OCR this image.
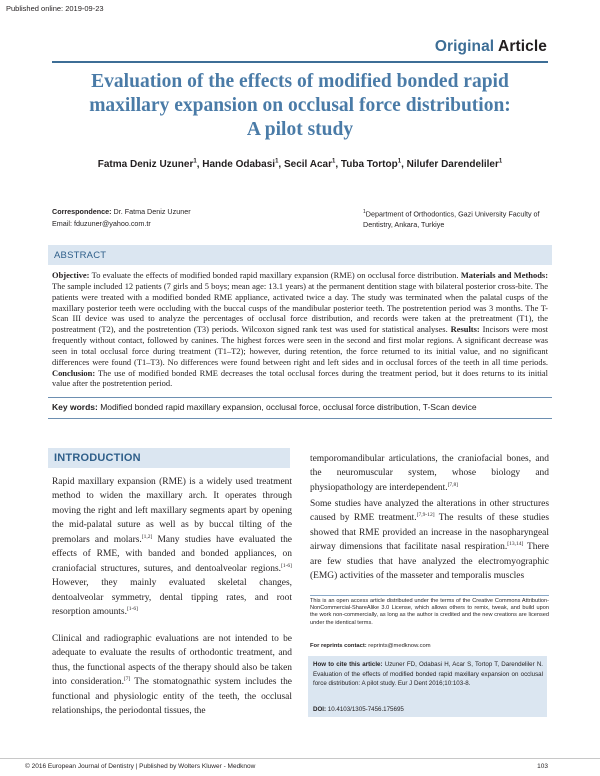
Published online: 2019-09-23
Original Article
Evaluation of the effects of modified bonded rapid
maxillary expansion on occlusal force distribution:
A pilot study
Fatma Deniz Uzuner$^1$, Hande Odabasi$^1$, Secil Acar$^1$, Tuba Tortop$^1$, Nilufer Darendeliler$^1$
Correspondence: Dr. Fatma Deniz Uzuner
Email: fduzuner@yahoo.com.tr
$^1$Department of Orthodontics, Gazi University Faculty of Dentistry, Ankara, Turkiye
ABSTRACT
Objective: To evaluate the effects of modified bonded rapid maxillary expansion (RME) on occlusal force distribution. Materials and Methods: The sample included 12 patients (7 girls and 5 boys; mean age: 13.1 years) at the permanent dentition stage with bilateral posterior cross-bite. The patients were treated with a modified bonded RME appliance, activated twice a day. The study was terminated when the palatal cusps of the maxillary posterior teeth were occluding with the buccal cusps of the mandibular posterior teeth. The postretention period was 3 months. The T-Scan III device was used to analyze the percentages of occlusal force distribution, and records were taken at the pretreatment (T1), the postreatment (T2), and the postretention (T3) periods. Wilcoxon signed rank test was used for statistical analyses. Results: Incisors were most frequently without contact, followed by canines. The highest forces were seen in the second and first molar regions. A significant decrease was seen in total occlusal force during treatment (T1–T2); however, during retention, the force returned to its initial value, and no significant differences were found (T1–T3). No differences were found between right and left sides and in occlusal forces of the teeth in all time periods. Conclusion: The use of modified bonded RME decreases the total occlusal forces during the treatment period, but it does returns to its initial value after the postretention period.
Key words: Modified bonded rapid maxillary expansion, occlusal force, occlusal force distribution, T-Scan device
INTRODUCTION
Rapid maxillary expansion (RME) is a widely used treatment method to widen the maxillary arch. It operates through moving the right and left maxillary segments apart by opening the mid-palatal suture as well as by buccal tilting of the premolars and molars.[1,2] Many studies have evaluated the effects of RME, with banded and bonded appliances, on craniofacial structures, sutures, and dentoalveolar regions.[1-6] However, they mainly evaluated skeletal changes, dentoalveolar symmetry, dental tipping rates, and root resorption amounts.[1-6]
Clinical and radiographic evaluations are not intended to be adequate to evaluate the results of orthodontic treatment, and thus, the functional aspects of the therapy should also be taken into consideration.[7] The stomatognathic system includes the functional and physiologic entity of the teeth, the occlusal relationships, the periodontal tissues, the
temporomandibular articulations, the craniofacial bones, and the neuromuscular system, whose biology and physiopathology are interdependent.[7,8]
Some studies have analyzed the alterations in other structures caused by RME treatment.[7,9-12] The results of these studies showed that RME provided an increase in the nasopharyngeal airway dimensions that facilitate nasal respiration.[13,14] There are few studies that have analyzed the electromyographic (EMG) activities of the masseter and temporalis muscles
This is an open access article distributed under the terms of the Creative Commons Attribution-NonCommercial-ShareAlike 3.0 License, which allows others to remix, tweak, and build upon the work non-commercially, as long as the author is credited and the new creations are licensed under the identical terms.
For reprints contact: reprints@medknow.com
How to cite this article: Uzuner FD, Odabasi H, Acar S, Tortop T, Darendeliler N. Evaluation of the effects of modified bonded rapid maxillary expansion on occlusal force distribution: A pilot study. Eur J Dent 2016;10:103-8.
DOI: 10.4103/1305-7456.175695
© 2016 European Journal of Dentistry | Published by Wolters Kluwer - Medknow	103
